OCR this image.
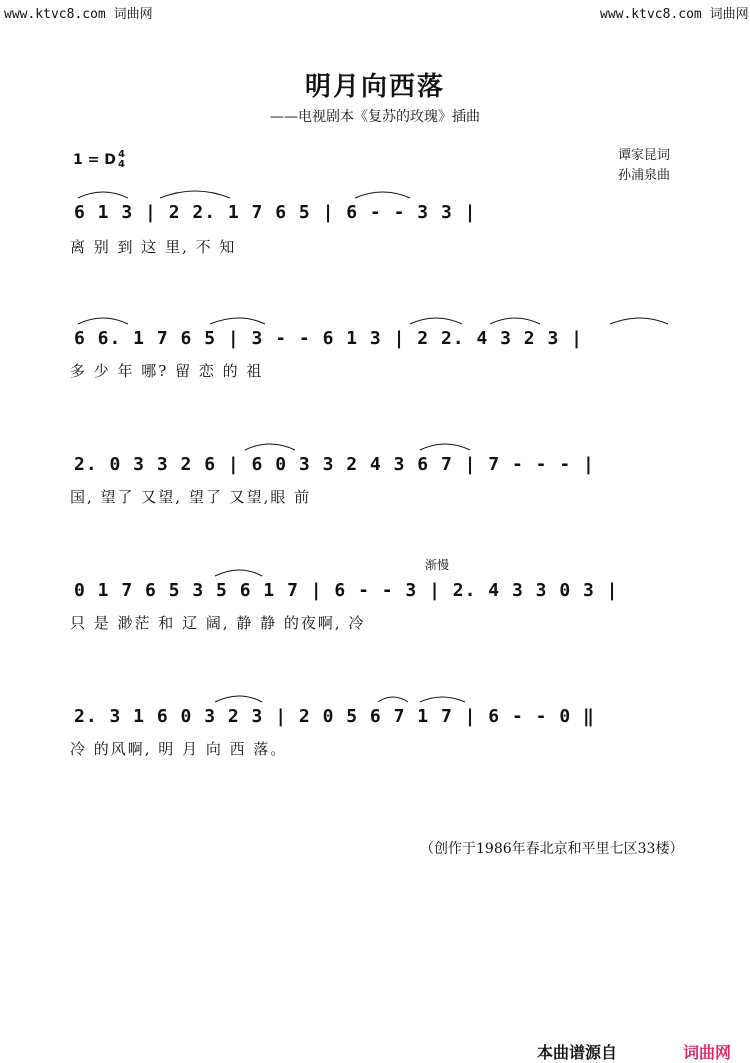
www.ktvc8.com 词曲网	www.ktvc8.com 词曲网
明月向西落
——电视剧本《复苏的玫瑰》插曲
谭家昆词
孙浦泉曲
1 = D 4
4
6 1 3 | 2 2. 1 7 6 5 | 6 - - 3 3 |
离 别 到 这 里, 不 知
6 6. 1 7 6 5 | 3 - - 6 1 3 | 2 2. 4 3 2 3 |
多 少 年 哪? 留 恋 的 祖
2. 0 3 3 2 6 | 6 0 3 3 2 4 3 6 7 | 7 - - - |
国, 望了 又望, 望了 又望,眼 前
渐慢
0 1 7 6 5 3 5 6 1 7 | 6 - - 3 | 2. 4 3 3 0 3 |
只 是 渺茫 和 辽 阔, 静 静 的夜啊, 冷
2. 3 1 6 0 3 2 3 | 2 0 5 6 7 1 7 | 6 - - 0 ‖
冷 的风啊, 明 月 向 西 落。
（创作于1986年春北京和平里七区33楼）
本曲谱源自	词曲网
